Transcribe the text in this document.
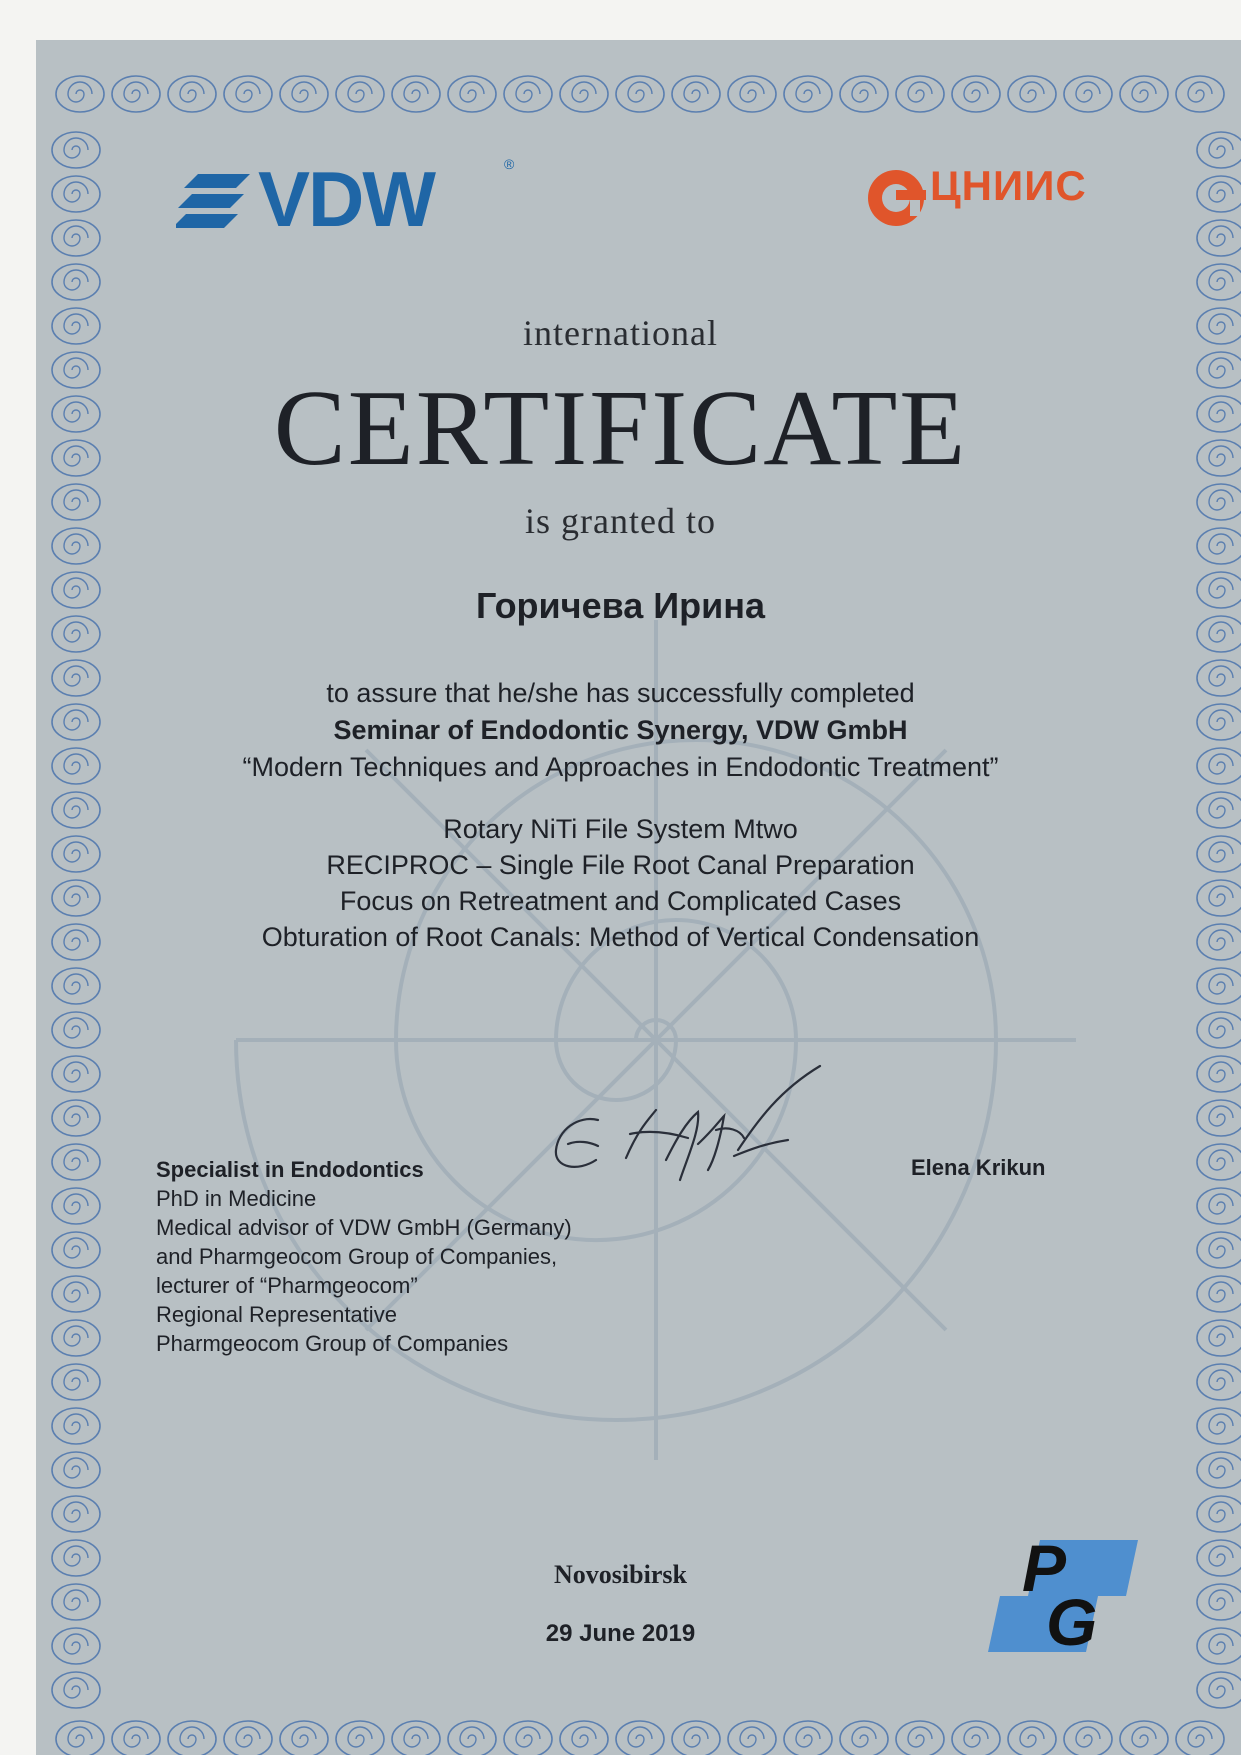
VDW	®	ЦНИИС
international
CERTIFICATE
is granted to
Горичева Ирина
to assure that he/she has successfully completed
Seminar of Endodontic Synergy, VDW GmbH
“Modern Techniques and Approaches in Endodontic Treatment”
Rotary NiTi File System Mtwo
RECIPROC – Single File Root Canal Preparation
Focus on Retreatment and Complicated Cases
Obturation of Root Canals: Method of Vertical Condensation
Specialist in Endodontics
PhD in Medicine
Medical advisor of VDW GmbH (Germany)
and Pharmgeocom Group of Companies,
lecturer of “Pharmgeocom”
Regional Representative
Pharmgeocom Group of Companies
Elena Krikun
Novosibirsk
29 June 2019
P
G
